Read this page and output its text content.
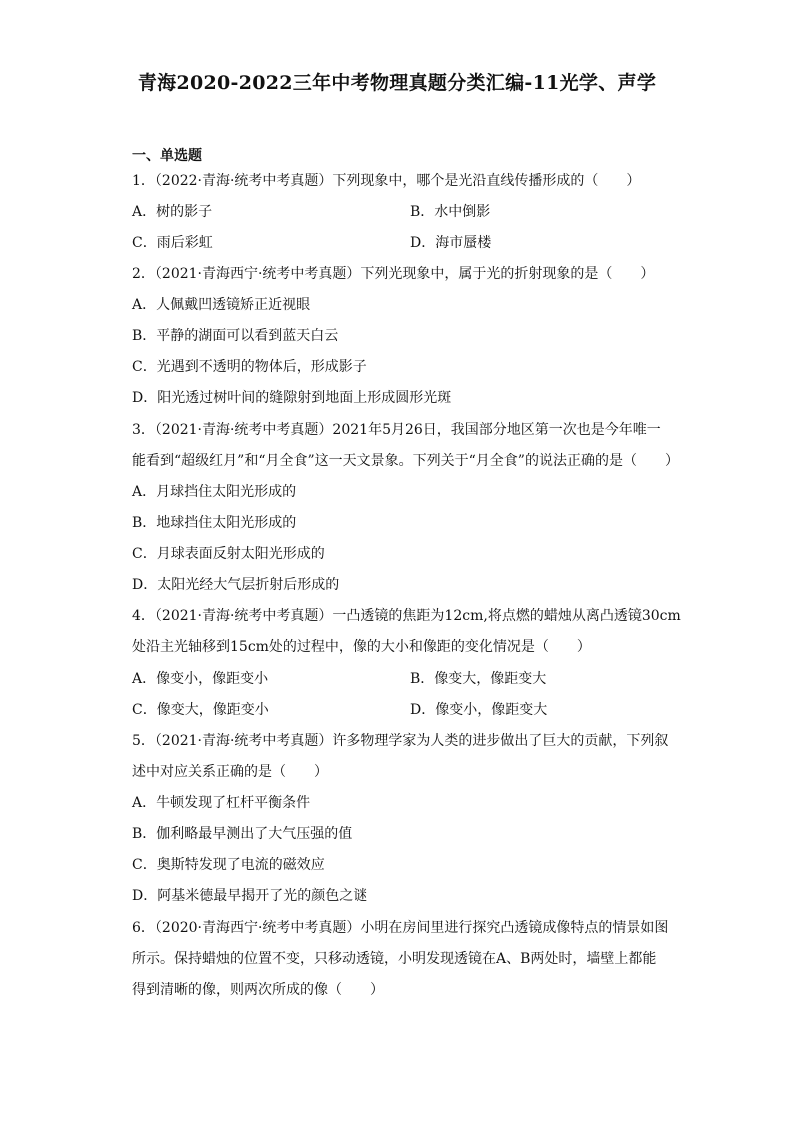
青海2020-2022三年中考物理真题分类汇编-11光学、声学
一、单选题
1．（2022·青海·统考中考真题）下列现象中，哪个是光沿直线传播形成的（　　）
A．树的影子	B．水中倒影
C．雨后彩虹	D．海市蜃楼
2．（2021·青海西宁·统考中考真题）下列光现象中，属于光的折射现象的是（　　）
A．人佩戴凹透镜矫正近视眼
B．平静的湖面可以看到蓝天白云
C．光遇到不透明的物体后，形成影子
D．阳光透过树叶间的缝隙射到地面上形成圆形光斑
3．（2021·青海·统考中考真题）2021年5月26日，我国部分地区第一次也是今年唯一
能看到“超级红月”和“月全食”这一天文景象。下列关于“月全食”的说法正确的是（　　）
A．月球挡住太阳光形成的
B．地球挡住太阳光形成的
C．月球表面反射太阳光形成的
D．太阳光经大气层折射后形成的
4．（2021·青海·统考中考真题）一凸透镜的焦距为12cm,将点燃的蜡烛从离凸透镜30cm
处沿主光轴移到15cm处的过程中，像的大小和像距的变化情况是（　　）
A．像变小，像距变小	B．像变大，像距变大
C．像变大，像距变小	D．像变小，像距变大
5．（2021·青海·统考中考真题）许多物理学家为人类的进步做出了巨大的贡献，下列叙
述中对应关系正确的是（　　）
A．牛顿发现了杠杆平衡条件
B．伽利略最早测出了大气压强的值
C．奥斯特发现了电流的磁效应
D．阿基米德最早揭开了光的颜色之谜
6．（2020·青海西宁·统考中考真题）小明在房间里进行探究凸透镜成像特点的情景如图
所示。保持蜡烛的位置不变，只移动透镜，小明发现透镜在A、B两处时，墙壁上都能
得到清晰的像，则两次所成的像（　　）
